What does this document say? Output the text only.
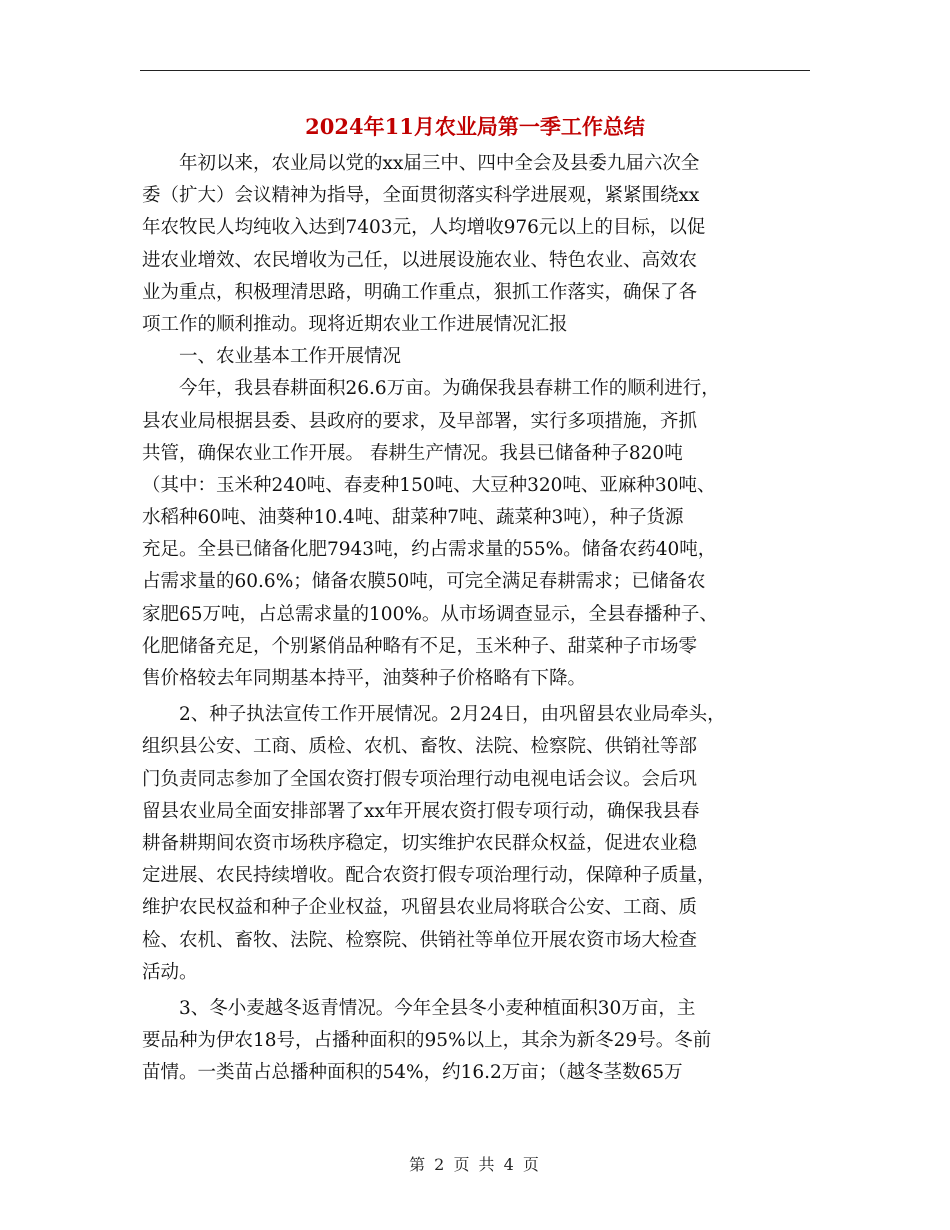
2024年11月农业局第一季工作总结
年初以来，农业局以党的xx届三中、四中全会及县委九届六次全
委（扩大）会议精神为指导，全面贯彻落实科学进展观，紧紧围绕xx
年农牧民人均纯收入达到7403元，人均增收976元以上的目标，以促
进农业增效、农民增收为己任，以进展设施农业、特色农业、高效农
业为重点，积极理清思路，明确工作重点，狠抓工作落实，确保了各
项工作的顺利推动。现将近期农业工作进展情况汇报
一、农业基本工作开展情况
今年，我县春耕面积26.6万亩。为确保我县春耕工作的顺利进行，
县农业局根据县委、县政府的要求，及早部署，实行多项措施，齐抓
共管，确保农业工作开展。 春耕生产情况。我县已储备种子820吨
（其中：玉米种240吨、春麦种150吨、大豆种320吨、亚麻种30吨、
水稻种60吨、油葵种10.4吨、甜菜种7吨、蔬菜种3吨），种子货源
充足。全县已储备化肥7943吨，约占需求量的55%。储备农药40吨，
占需求量的60.6%；储备农膜50吨，可完全满足春耕需求；已储备农
家肥65万吨，占总需求量的100%。从市场调查显示，全县春播种子、
化肥储备充足，个别紧俏品种略有不足，玉米种子、甜菜种子市场零
售价格较去年同期基本持平，油葵种子价格略有下降。
2、种子执法宣传工作开展情况。2月24日，由巩留县农业局牵头，
组织县公安、工商、质检、农机、畜牧、法院、检察院、供销社等部
门负责同志参加了全国农资打假专项治理行动电视电话会议。会后巩
留县农业局全面安排部署了xx年开展农资打假专项行动，确保我县春
耕备耕期间农资市场秩序稳定，切实维护农民群众权益，促进农业稳
定进展、农民持续增收。配合农资打假专项治理行动，保障种子质量，
维护农民权益和种子企业权益，巩留县农业局将联合公安、工商、质
检、农机、畜牧、法院、检察院、供销社等单位开展农资市场大检查
活动。
3、冬小麦越冬返青情况。今年全县冬小麦种植面积30万亩，主
要品种为伊农18号，占播种面积的95%以上，其余为新冬29号。冬前
苗情。一类苗占总播种面积的54%，约16.2万亩；（越冬茎数65万
第 2 页 共 4 页
